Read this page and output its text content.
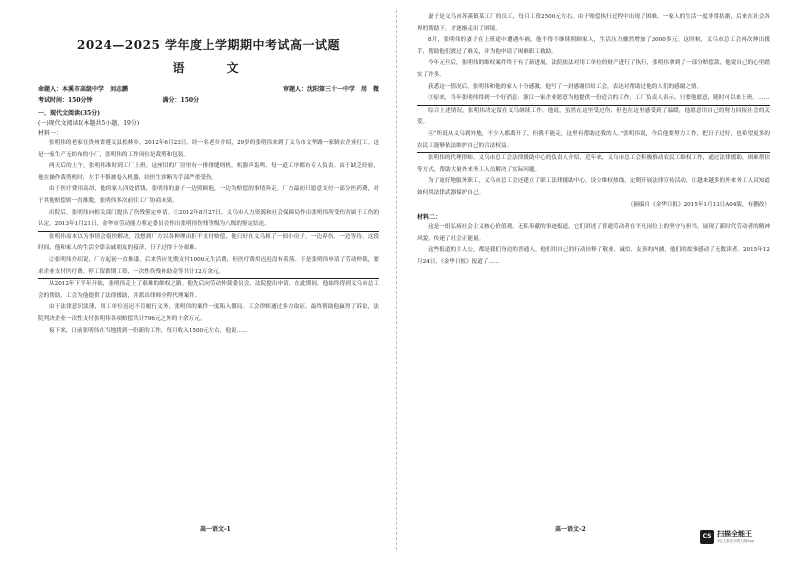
2024—2025 学年度上学期期中考试高一试题
语　　文
命题人：本溪市高级中学　刘志鹏	审题人：沈阳第三十一中学　用　微
考试时间：150分钟	满分：150分
一、现代文阅读(35分)
(一)现代文阅读Ⅰ(本题共5小题，19分)
材料一：

张明伟的老家在贵州省遵义县松林乡。2012年6月23日，经一名老乡介绍，29岁的张明伟来到了义乌市文华路一家制衣企业打工。这是一家生产无纺布的小厂，张明伟的工作岗位是裁剪和包装。

两天后的上午，张明伟准时到工厂上班。这座旧的厂房里有一排排缝纫机，机器声轰鸣，每一道工序都有专人负责。由于缺乏经验，他在操作裁剪机时，左手不慎被卷入机器，经医生诊断为手部严重受伤。

由于医疗费用高昂，他的家人四处借钱，张明伟的妻子一边照顾他，一边为赔偿的事情奔走。厂方最初只愿意支付一部分医药费，对于其他赔偿则一直推脱，张明伟多次前往工厂协商未果。

出院后，张明伟向相关部门提出了伤残鉴定申请。①2012年8月27日，义乌市人力资源和社会保障局作出张明伟所受伤害属于工伤的认定。2013年1月21日，金华市劳动能力鉴定委员会作出张明伟伤残等级为八级的鉴定结论。

张明伟原本以为事情会很快解决，没想到厂方以各种理由拒不支付赔偿，他只好在义乌租了一间小房子，一边养伤，一边等待。这段时间，他和家人的生活全靠亲戚朋友的接济，日子过得十分艰难。

②张明伟介绍说，厂方起初一直推诿，后来答应先期支付1000元生活费，但医疗费用迟迟没有着落。于是张明伟申请了劳动仲裁，要求企业支付医疗费、停工留薪期工资、一次性伤残补助金等共计12万余元。

从2012年下半年开始，张明伟走上了艰难的维权之路。他先后向劳动仲裁委员会、法院提出申请，在此期间，他始终得到义乌市总工会的帮助，工会为他提供了法律援助，并派出律师全程代理案件。

由于法律意识淡薄，用工单位迟迟不肯履行义务，张明伟的案件一度陷入僵局。工会律师通过多方取证，最终帮助他赢得了诉讼，法院判决企业一次性支付张明伟各项赔偿共计796元之外的十余万元。

接下来，日前张明伟在当地找到一份新的工作，每月收入1500元左右，他说……

妻子是义乌市苏溪镇某工厂的员工，每月工资2500元左右。由于赔偿执行过程中出现了困难，一家人的生活一度非常拮据，后来在社会各界的帮助下，才逐渐走出了困境。

8月，张明伟的妻子在上班途中遭遇车祸，他不得不继续照顾家人，生活压力骤然增加了3000多元。这时候，义乌市总工会再次伸出援手，帮助他们渡过了难关，并为他申请了困难职工救助。

今年元旦后，张明伟的维权案件终于有了新进展，法院依法对用工单位的财产进行了执行，张明伟拿到了一部分赔偿款，他说自己的心里踏实了许多。

获悉这一情况后，张明伟和他的家人十分感激，他写了一封感谢信给工会，表达对帮助过他的人们的感谢之情。

③原来，当年张明伟得到一个好消息：浙江一家企业愿意为他提供一份适合的工作，工厂负责人表示，只要他愿意，随时可以来上班。……

综合上述情况，张明伟决定留在义乌继续工作。他说，虽然在这里受过伤，但也在这里感受到了温暖，他愿意用自己的努力回报社会的关爱。

④“所说从义乌到外地，不少人都离开了，但我不能走，这里有帮助过我的人。”张明伟说，今后他要努力工作，把日子过好，也希望更多的农民工能够依法维护自己的合法权益。

张明伟的代理律师、义乌市总工会法律援助中心的负责人介绍，近年来，义乌市总工会积极推动农民工维权工作，通过法律援助、困难帮扶等方式，帮助大量外来务工人员解决了实际问题。

为了更好地服务职工，义乌市总工会还建立了职工法律援助中心，设立维权热线，定期开展法律宣传活动，让越来越多的外来务工人员知道如何用法律武器保护自己。

（摘编自《金华日报》2015年1月13日A04版，有删改）

材料二：

这是一组弘扬社会主义核心价值观、无私奉献的事迹报道。它们讲述了普通劳动者在平凡岗位上的坚守与担当，展现了新时代劳动者的精神风貌，传递了社会正能量。

这些报道的主人公，都是我们身边的普通人。他们用自己的行动诠释了敬业、诚信、友善的内涵，他们的故事感动了无数读者。2015年12月24日，《金华日报》报道了……

高一语文-1	高一语文-2
CS 扫描全能王
3亿人都在用的扫描App
